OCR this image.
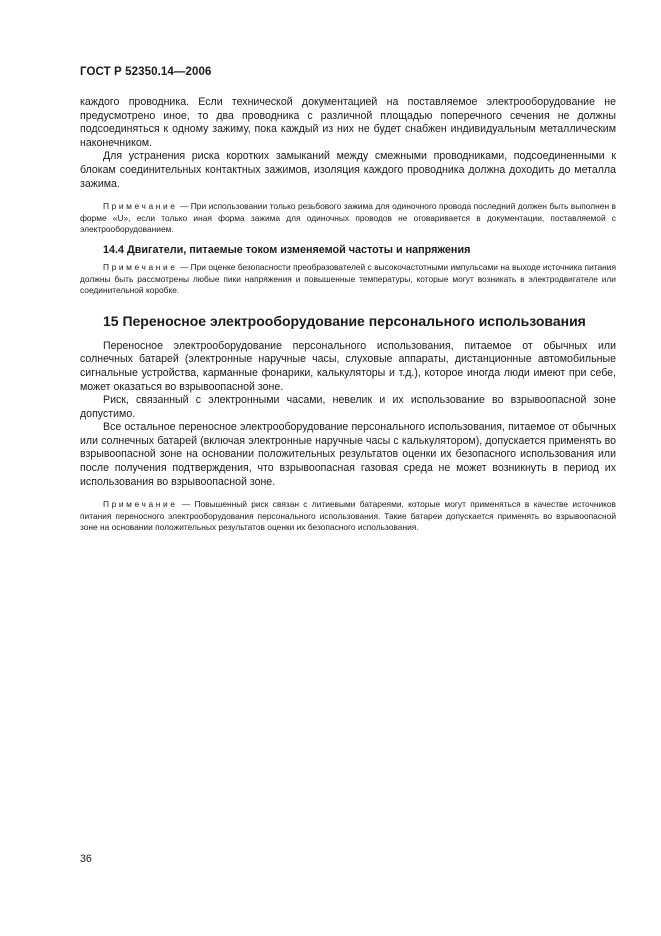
ГОСТ Р 52350.14—2006

каждого проводника. Если технической документацией на поставляемое электрооборудование не предусмотрено иное, то два проводника с различной площадью поперечного сечения не должны подсоединяться к одному зажиму, пока каждый из них не будет снабжен индивидуальным металлическим наконечником.

Для устранения риска коротких замыканий между смежными проводниками, подсоединенными к блокам соединительных контактных зажимов, изоляция каждого проводника должна доходить до металла зажима.

Примечание — При использовании только резьбового зажима для одиночного провода последний должен быть выполнен в форме «U», если только иная форма зажима для одиночных проводов не оговаривается в документации, поставляемой с электрооборудованием.
14.4 Двигатели, питаемые током изменяемой частоты и напряжения
Примечание — При оценке безопасности преобразователей с высокочастотными импульсами на выходе источника питания должны быть рассмотрены любые пики напряжения и повышенные температуры, которые могут возникать в электродвигателе или соединительной коробке.
15 Переносное электрооборудование персонального использования

Переносное электрооборудование персонального использования, питаемое от обычных или солнечных батарей (электронные наручные часы, слуховые аппараты, дистанционные автомобильные сигнальные устройства, карманные фонарики, калькуляторы и т.д.), которое иногда люди имеют при себе, может оказаться во взрывоопасной зоне.

Риск, связанный с электронными часами, невелик и их использование во взрывоопасной зоне допустимо.

Все остальное переносное электрооборудование персонального использования, питаемое от обычных или солнечных батарей (включая электронные наручные часы с калькулятором), допускается применять во взрывоопасной зоне на основании положительных результатов оценки их безопасного использования или после получения подтверждения, что взрывоопасная газовая среда не может возникнуть в период их использования во взрывоопасной зоне.

Примечание — Повышенный риск связан с литиевыми батареями, которые могут применяться в качестве источников питания переносного электрооборудования персонального использования. Такие батареи допускается применять во взрывоопасной зоне на основании положительных результатов оценки их безопасного использования.
36
